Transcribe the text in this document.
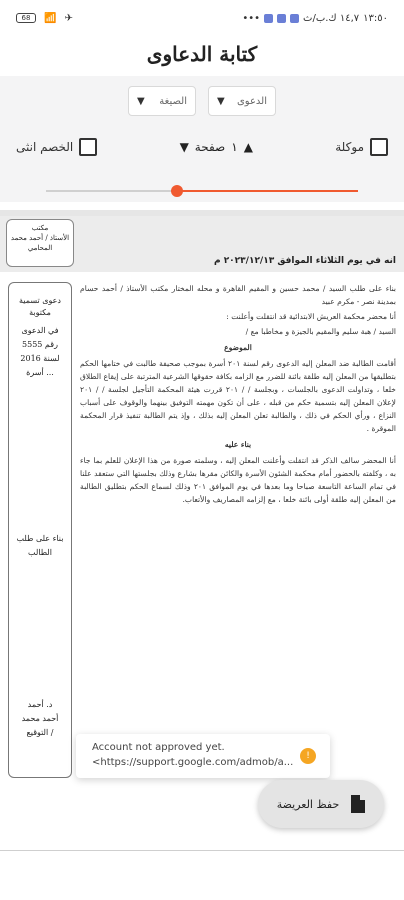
68	📶 ✈	١٣:٥٠
١٤,٧ ك.ب/ث
•••
كتابة الدعاوى
الدعوى
▼
الصيغة
▼
موكلة
▲
١
صفحة
▼
الخصم انثى
مكتب
الأستاذ / أحمد محمد
المحامي
انه في يوم الثلاثاء الموافق ٢٠٢٣/١٢/١٣ م
دعوى تسمية مكتوبة
في الدعوى
رقم 5555
لسنة 2016
أسرة ...
بناء على طلب
الطالب
د. أحمد
أحمد محمد
التوقيع /

بناء على طلب السيد / محمد حسين و المقيم القاهرة و محله المختار مكتب الأستاذ / أحمد حسام بمدينة نصر - مكرم عبيد

أنا محضر محكمة العريش الابتدائية قد انتقلت وأعلنت :

السيد / هبة سليم والمقيم بالجيزة و مخاطبا مع /

الموضوع

أقامت الطالبة ضد المعلن إليه الدعوى رقم لسنة ٢٠١ أسرة بموجب صحيفة طالبت في ختامها الحكم بتطليقها من المعلن إليه طلقة بائنة للضرر مع الزامه بكافة حقوقها الشرعية المترتبة على إيقاع الطلاق خلعا ، وتداولت الدعوى بالجلسات ، وبجلسة / / ٢٠١ قررت هيئة المحكمة التأجيل لجلسة / / ٢٠١ لإعلان المعلن إليه بتسمية حكم من قبله ، على أن تكون مهمته التوفيق بينهما والوقوف على أسباب النزاع ، ورأي الحكم في ذلك ، والطالبة تعلن المعلن إليه بذلك ، وإذ يتم الطالبة تنفيذ قرار المحكمة الموقرة .

بناء عليه

أنا المحضر سالف الذكر قد انتقلت وأعلنت المعلن إليه ، وسلمته صورة من هذا الإعلان للعلم بما جاء به ، وكلفته بالحضور أمام محكمة الشئون الأسرة والكائن مقرها بشارع وذلك بجلستها التي ستعقد علنا في تمام الساعة التاسعة صباحا وما بعدها في يوم الموافق ٢٠١ وذلك لسماع الحكم بتطليق الطالبة من المعلن إليه طلقة أولى بائنة خلعا ، مع إلزامه المصاريف والأتعاب.

Account not approved yet. <https://support.google.com/admob/a...
!
حفظ العريضة
